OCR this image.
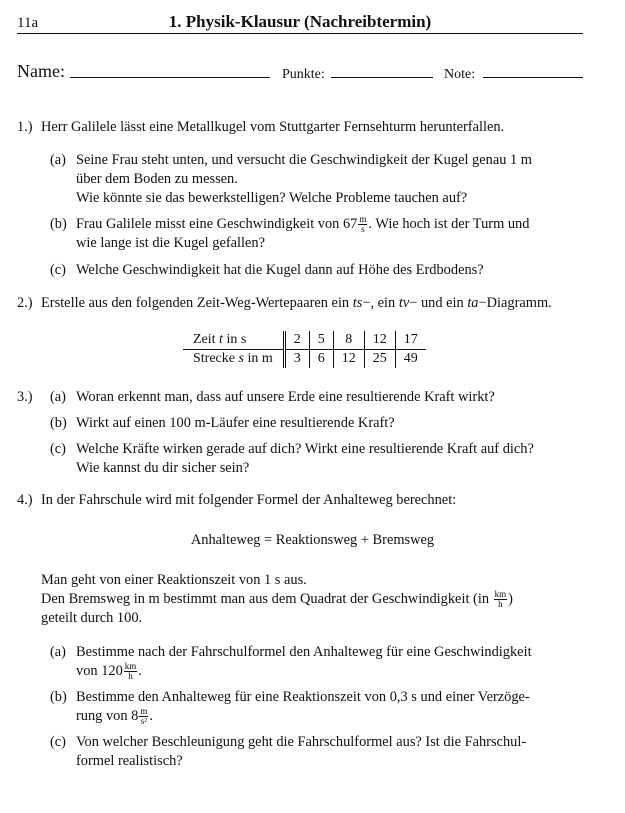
11a	1. Physik-Klausur (Nachreibtermin)
Name:	Punkte:	Note:
1.) Herr Galilele lässt eine Metallkugel vom Stuttgarter Fernsehturm herunterfallen.
(a) Seine Frau steht unten, und versucht die Geschwindigkeit der Kugel genau 1 m
über dem Boden zu messen.
Wie könnte sie das bewerkstelligen? Welche Probleme tauchen auf?
(b) Frau Galilele misst eine Geschwindigkeit von $67 \frac{m}{s}$ . Wie hoch ist der Turm und
wie lange ist die Kugel gefallen?
(c) Welche Geschwindigkeit hat die Kugel dann auf Höhe des Erdbodens?
2.) Erstelle aus den folgenden Zeit-Weg-Wertepaaren ein ts−, ein tv− und ein ta−Diagramm.
Zeit t in s	2	5	8	12	17
Strecke s in m	3	6	12	25	49
3.) (a) Woran erkennt man, dass auf unsere Erde eine resultierende Kraft wirkt?
(b) Wirkt auf einen 100 m-Läufer eine resultierende Kraft?
(c) Welche Kräfte wirken gerade auf dich? Wirkt eine resultierende Kraft auf dich?
Wie kannst du dir sicher sein?
4.) In der Fahrschule wird mit folgender Formel der Anhalteweg berechnet:
Anhalteweg = Reaktionsweg + Bremsweg
Man geht von einer Reaktionszeit von 1 s aus.
Den Bremsweg in m bestimmt man aus dem Quadrat der Geschwindigkeit ($in \frac{km}{h}$ )
geteilt durch 100.
(a) Bestimme nach der Fahrschulformel den Anhalteweg für eine Geschwindigkeit
von $120 \frac{km}{h}$ .
(b) Bestimme den Anhalteweg für eine Reaktionszeit von 0,3 s und einer Verzöge-
rung von $8 \frac{m}{\text{s²}}$ .
(c) Von welcher Beschleunigung geht die Fahrschulformel aus? Ist die Fahrschul-
formel realistisch?
